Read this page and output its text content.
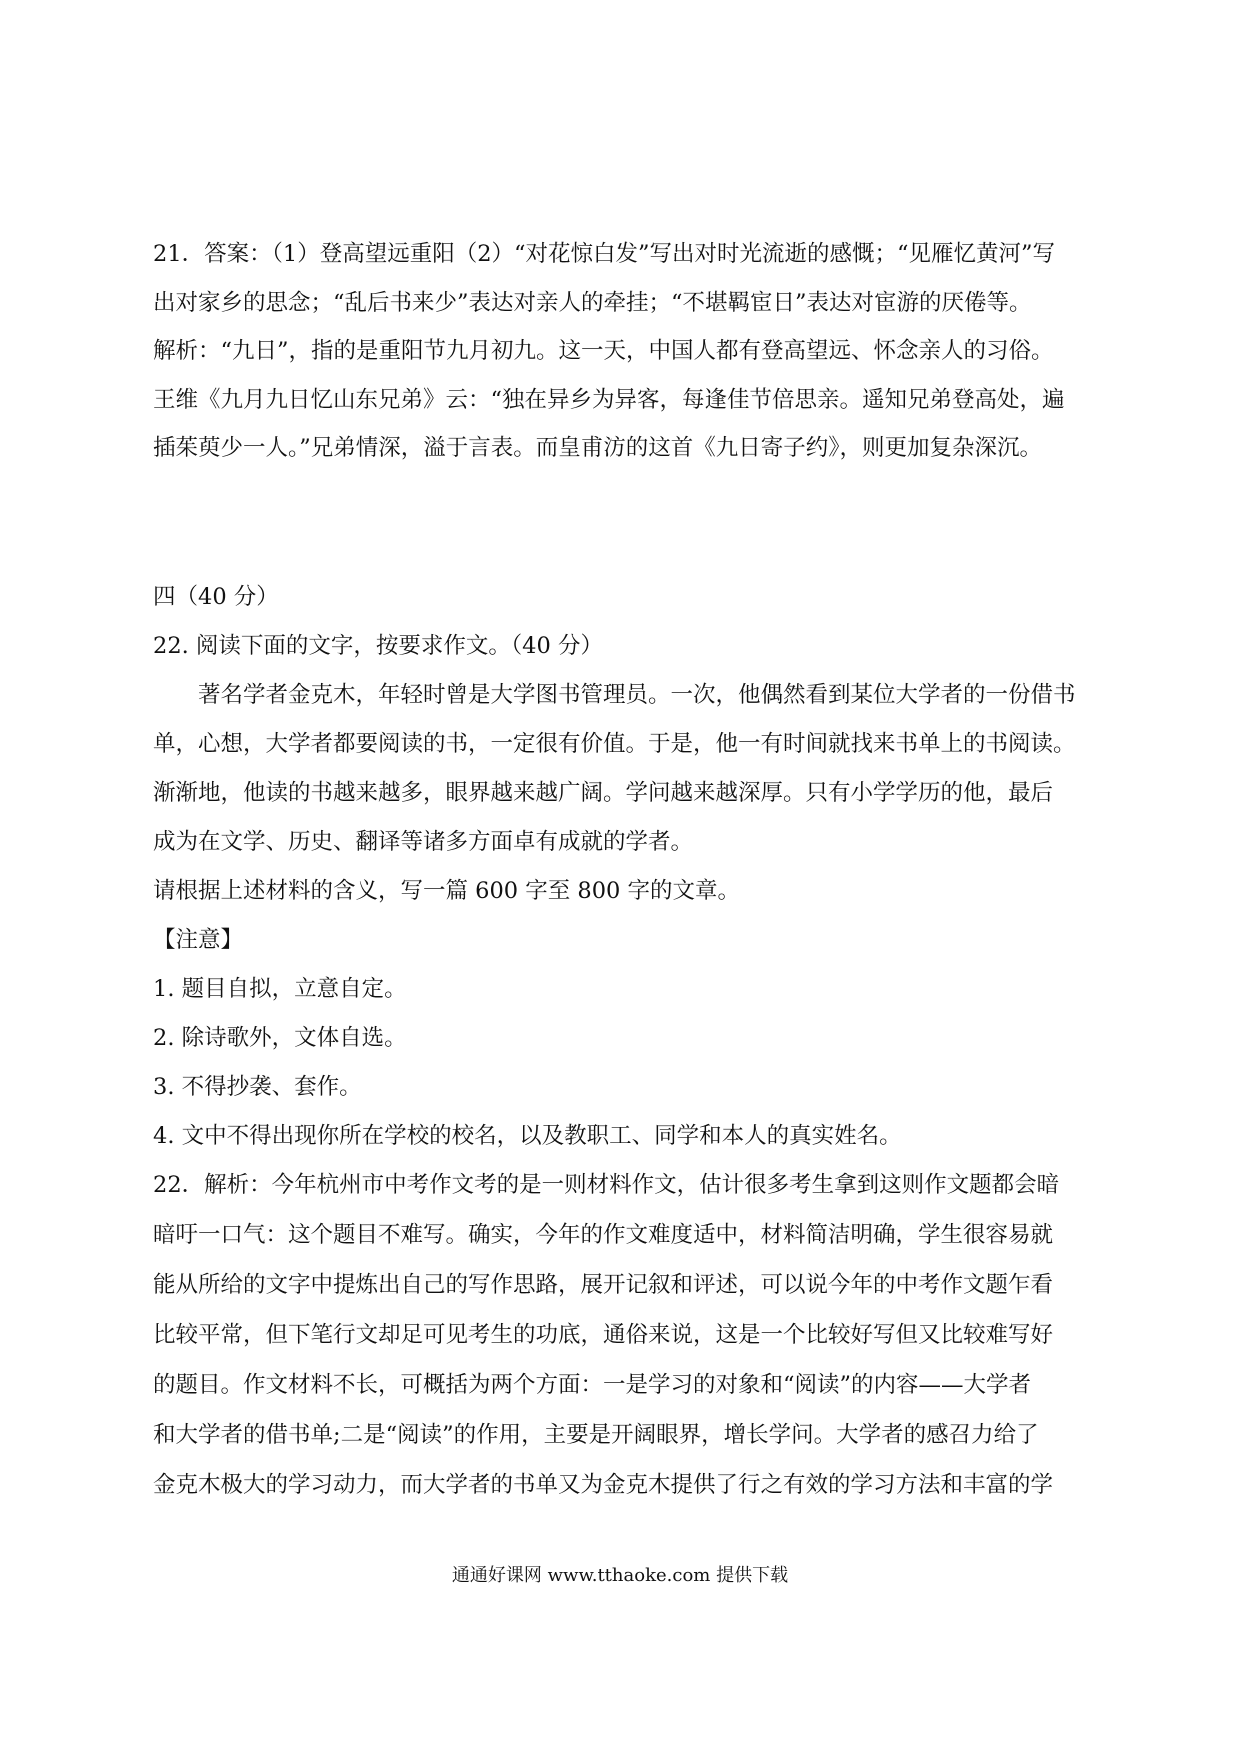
21．答案：（1）登高望远重阳（2）“对花惊白发”写出对时光流逝的感慨；“见雁忆黄河”写
出对家乡的思念；“乱后书来少”表达对亲人的牵挂；“不堪羁宦日”表达对宦游的厌倦等。
解析：“九日”，指的是重阳节九月初九。这一天，中国人都有登高望远、怀念亲人的习俗。
王维《九月九日忆山东兄弟》云：“独在异乡为异客，每逢佳节倍思亲。遥知兄弟登高处，遍
插茱萸少一人。”兄弟情深，溢于言表。而皇甫汸的这首《九日寄子约》，则更加复杂深沉。
四（40 分）
22. 阅读下面的文字，按要求作文。（40 分）
著名学者金克木，年轻时曾是大学图书管理员。一次，他偶然看到某位大学者的一份借书
单，心想，大学者都要阅读的书，一定很有价值。于是，他一有时间就找来书单上的书阅读。
渐渐地，他读的书越来越多，眼界越来越广阔。学问越来越深厚。只有小学学历的他，最后
成为在文学、历史、翻译等诸多方面卓有成就的学者。
请根据上述材料的含义，写一篇 600 字至 800 字的文章。
【注意】
1. 题目自拟，立意自定。
2. 除诗歌外，文体自选。
3. 不得抄袭、套作。
4. 文中不得出现你所在学校的校名，以及教职工、同学和本人的真实姓名。
22．解析：今年杭州市中考作文考的是一则材料作文，估计很多考生拿到这则作文题都会暗
暗吁一口气：这个题目不难写。确实，今年的作文难度适中，材料简洁明确，学生很容易就
能从所给的文字中提炼出自己的写作思路，展开记叙和评述，可以说今年的中考作文题乍看
比较平常，但下笔行文却足可见考生的功底，通俗来说，这是一个比较好写但又比较难写好
的题目。作文材料不长，可概括为两个方面：一是学习的对象和“阅读”的内容——大学者
和大学者的借书单;二是“阅读”的作用，主要是开阔眼界，增长学问。大学者的感召力给了
金克木极大的学习动力，而大学者的书单又为金克木提供了行之有效的学习方法和丰富的学
通通好课网 www.tthaoke.com 提供下载
